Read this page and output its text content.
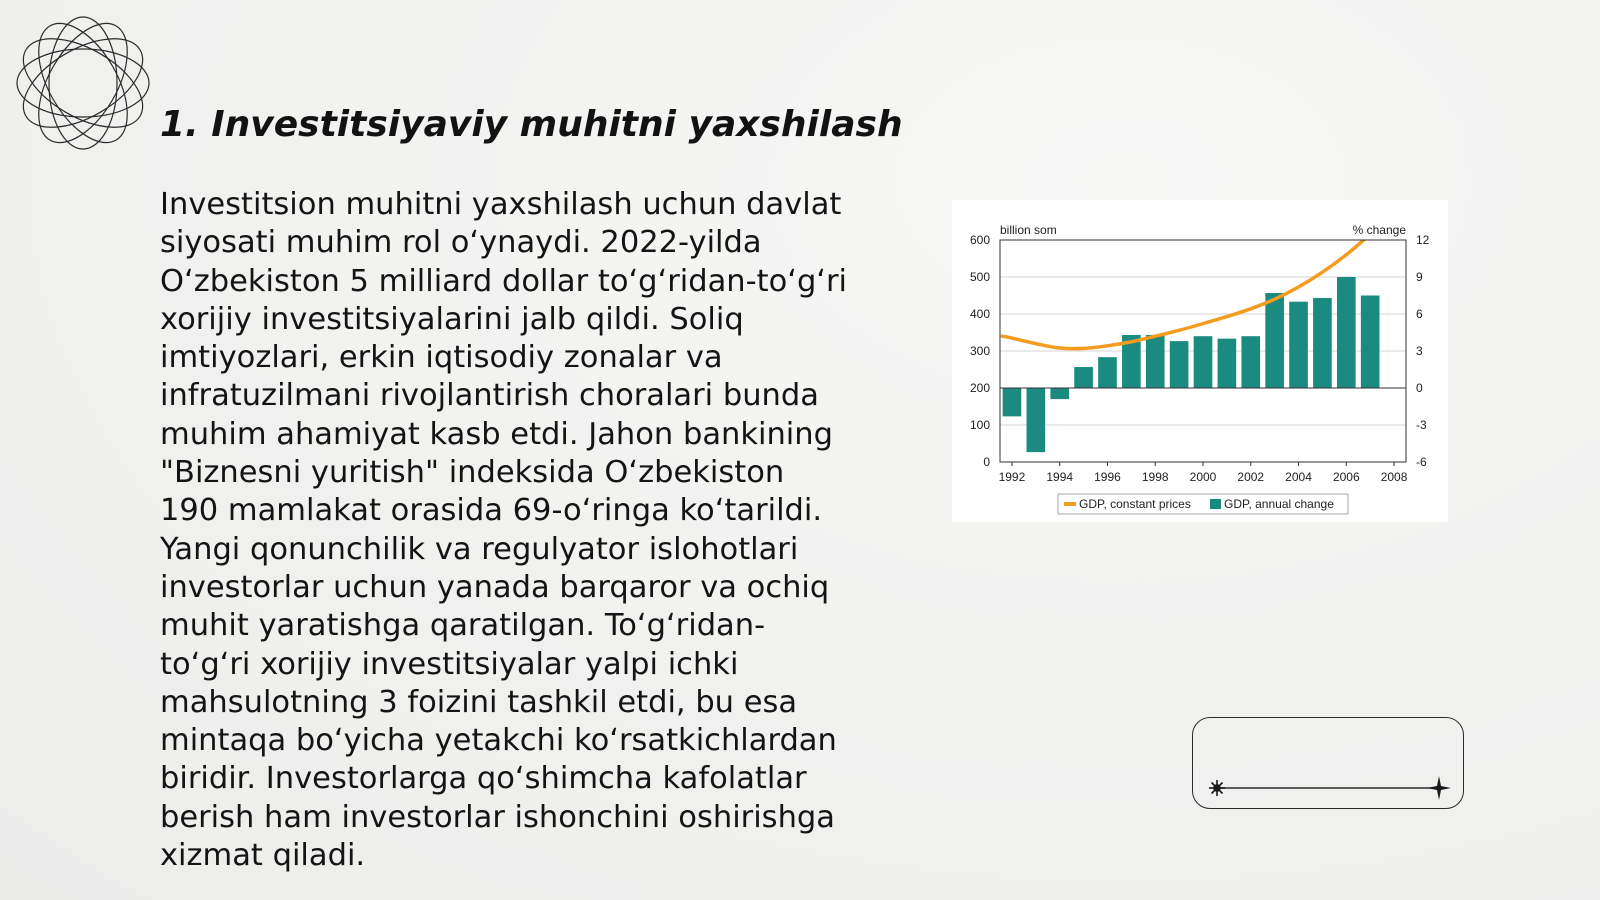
1. Investitsiyaviy muhitni yaxshilash

Investitsion muhitni yaxshilash uchun davlat siyosati muhim rol oʻynaydi. 2022-yilda Oʻzbekiston 5 milliard dollar toʻgʻridan-toʻgʻri xorijiy investitsiyalarini jalb qildi. Soliq imtiyozlari, erkin iqtisodiy zonalar va infratuzilmani rivojlantirish choralari bunda muhim ahamiyat kasb etdi. Jahon bankining "Biznesni yuritish" indeksida Oʻzbekiston 190 mamlakat orasida 69-oʻringa koʻtarildi. Yangi qonunchilik va regulyator islohotlari investorlar uchun yanada barqaror va ochiq muhit yaratishga qaratilgan. Toʻgʻridan-toʻgʻri xorijiy investitsiyalar yalpi ichki mahsulotning 3 foizini tashkil etdi, bu esa mintaqa boʻyicha yetakchi koʻrsatkichlardan biridir. Investorlarga qoʻshimcha kafolatlar berish ham investorlar ishonchini oshirishga xizmat qiladi.

0
100
200
300
400
500
600
-6
-3
0
3
6
9
12
1992 1994 1996 1998 2000 2002 2004 2006 2008
billion som	% change
GDP, constant prices	GDP, annual change
